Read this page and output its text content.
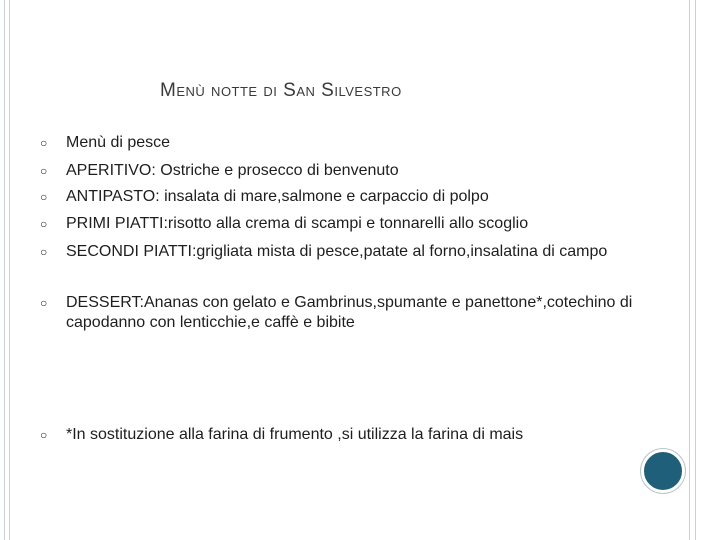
Menù notte di San Silvestro
○ Menù di pesce
○ APERITIVO: Ostriche e prosecco di benvenuto
○ ANTIPASTO: insalata di mare,salmone e carpaccio di polpo
○ PRIMI PIATTI:risotto alla crema di scampi e tonnarelli allo scoglio
○ SECONDI PIATTI:grigliata mista di pesce,patate al forno,insalatina di campo
○ DESSERT:Ananas con gelato e Gambrinus,spumante e panettone*,cotechino di capodanno con lenticchie,e caffè e bibite
○ *In sostituzione alla farina di frumento ,si utilizza la farina di mais
